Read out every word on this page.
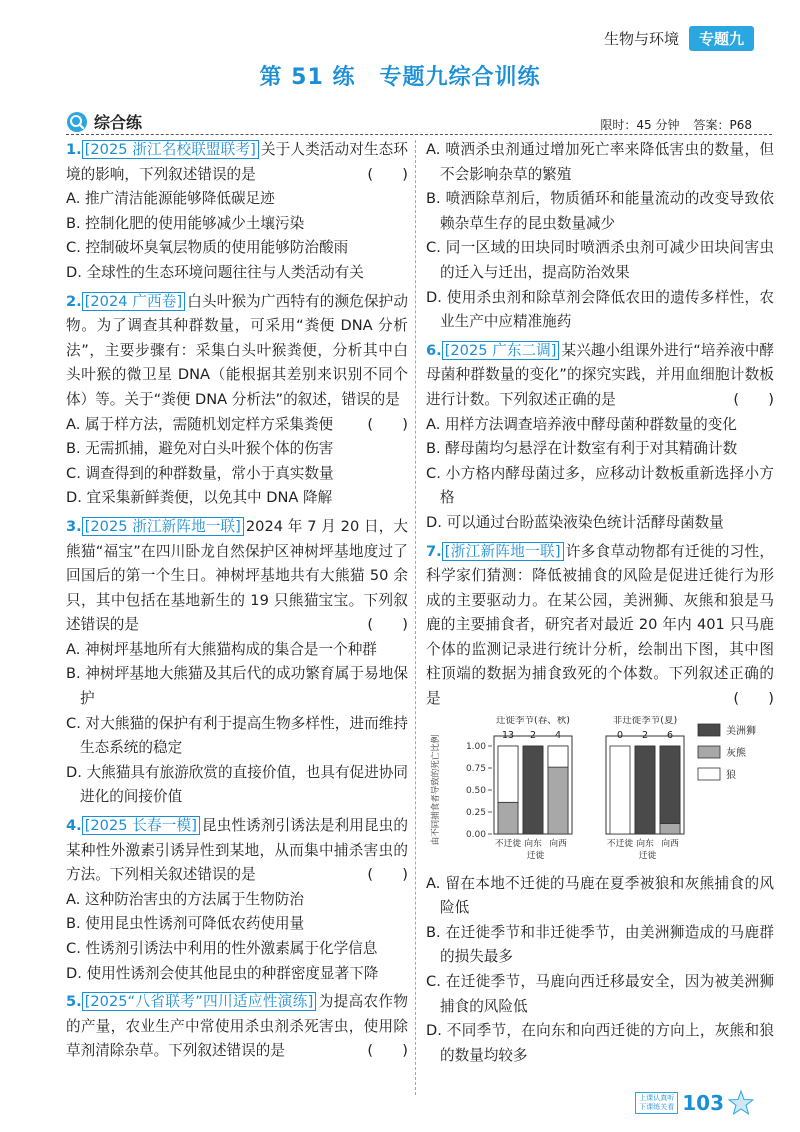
生物与环境	专题九
第 51 练 专题九综合训练
综合练	限时：45 分钟 答案：P68
1. [2025 浙江名校联盟联考] 关于人类活动对生态环境的影响，下列叙述错误的是	(　　)
A. 推广清洁能源能够降低碳足迹
B. 控制化肥的使用能够减少土壤污染
C. 控制破坏臭氧层物质的使用能够防治酸雨
D. 全球性的生态环境问题往往与人类活动有关
2. [2024 广西卷] 白头叶猴为广西特有的濒危保护动物。为了调查其种群数量，可采用“粪便 DNA 分析法”，主要步骤有：采集白头叶猴粪便，分析其中白头叶猴的微卫星 DNA（能根据其差别来识别不同个体）等。关于“粪便 DNA 分析法”的叙述，错误的是
(　　)
A. 属于样方法，需随机划定样方采集粪便
B. 无需抓捕，避免对白头叶猴个体的伤害
C. 调查得到的种群数量，常小于真实数量
D. 宜采集新鲜粪便，以免其中 DNA 降解
3. [2025 浙江新阵地一联] 2024 年 7 月 20 日，大熊猫“福宝”在四川卧龙自然保护区神树坪基地度过了回国后的第一个生日。神树坪基地共有大熊猫 50 余只，其中包括在基地新生的 19 只熊猫宝宝。下列叙述错误的是	(　　)
A. 神树坪基地所有大熊猫构成的集合是一个种群
B. 神树坪基地大熊猫及其后代的成功繁育属于易地保护
C. 对大熊猫的保护有利于提高生物多样性，进而维持生态系统的稳定
D. 大熊猫具有旅游欣赏的直接价值，也具有促进协同进化的间接价值
4. [2025 长春一模] 昆虫性诱剂引诱法是利用昆虫的某种性外激素引诱异性到某地，从而集中捕杀害虫的方法。下列相关叙述错误的是	(　　)
A. 这种防治害虫的方法属于生物防治
B. 使用昆虫性诱剂可降低农药使用量
C. 性诱剂引诱法中利用的性外激素属于化学信息
D. 使用性诱剂会使其他昆虫的种群密度显著下降
5. [2025“八省联考”四川适应性演练] 为提高农作物的产量，农业生产中常使用杀虫剂杀死害虫，使用除草剂清除杂草。下列叙述错误的是	(　　)
A. 喷洒杀虫剂通过增加死亡率来降低害虫的数量，但不会影响杂草的繁殖
B. 喷洒除草剂后，物质循环和能量流动的改变导致依赖杂草生存的昆虫数量减少
C. 同一区域的田块同时喷洒杀虫剂可减少田块间害虫的迁入与迁出，提高防治效果
D. 使用杀虫剂和除草剂会降低农田的遗传多样性，农业生产中应精准施药
6. [2025 广东二调] 某兴趣小组课外进行“培养液中酵母菌种群数量的变化”的探究实践，并用血细胞计数板进行计数。下列叙述正确的是	(　　)
A. 用样方法调查培养液中酵母菌种群数量的变化
B. 酵母菌均匀悬浮在计数室有利于对其精确计数
C. 小方格内酵母菌过多，应移动计数板重新选择小方格
D. 可以通过台盼蓝染液染色统计活酵母菌数量
7. [浙江新阵地一联] 许多食草动物都有迁徙的习性，科学家们猜测：降低被捕食的风险是促进迁徙行为形成的主要驱动力。在某公园，美洲狮、灰熊和狼是马鹿的主要捕食者，研究者对最近 20 年内 401 只马鹿个体的监测记录进行统计分析，绘制出下图，其中图柱顶端的数据为捕食致死的个体数。下列叙述正确的是	(　　)
由不同捕食者导致的死亡比例	1.00
0.75
0.50
0.25
0.00
迁徙季节(春、秋)
13
不迁徙
2
向东
4
向西
迁徙
非迁徙季节(夏)
0
不迁徙
2
向东
6
向西
迁徙
美洲狮
灰熊
狼
A. 留在本地不迁徙的马鹿在夏季被狼和灰熊捕食的风险低
B. 在迁徙季节和非迁徙季节，由美洲狮造成的马鹿群的损失最多
C. 在迁徙季节，马鹿向西迁移最安全，因为被美洲狮捕食的风险低
D. 不同季节，在向东和向西迁徙的方向上，灰熊和狼的数量均较多
上课认真听
下课练关看 103
